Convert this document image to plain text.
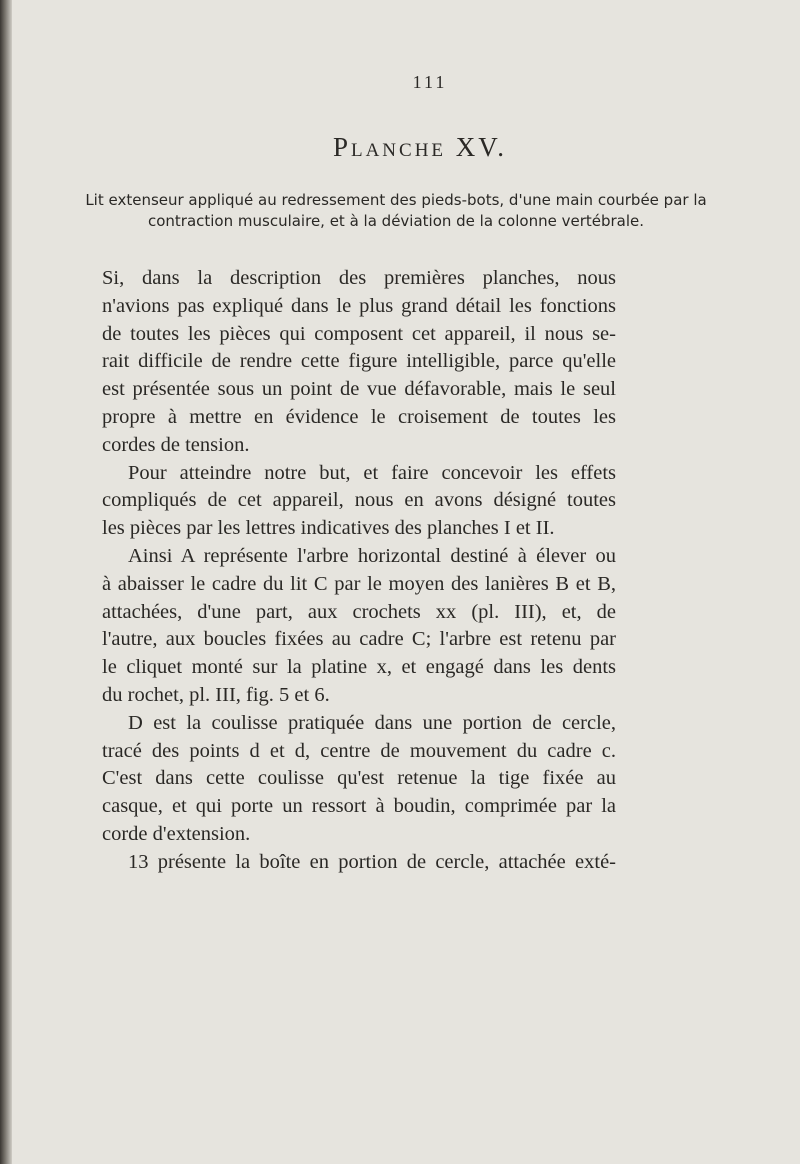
111
Planche XV.
Lit extenseur appliqué au redressement des pieds-bots, d'une main courbée par la contraction musculaire, et à la déviation de la colonne vertébrale.

Si, dans la description des premières planches, nous
n'avions pas expliqué dans le plus grand détail les fonctions
de toutes les pièces qui composent cet appareil, il nous se-
rait difficile de rendre cette figure intelligible, parce qu'elle
est présentée sous un point de vue défavorable, mais le seul
propre à mettre en évidence le croisement de toutes les
cordes de tension.

Pour atteindre notre but, et faire concevoir les effets
compliqués de cet appareil, nous en avons désigné toutes
les pièces par les lettres indicatives des planches I et II.

Ainsi A représente l'arbre horizontal destiné à élever ou
à abaisser le cadre du lit C par le moyen des lanières B et B,
attachées, d'une part, aux crochets xx (pl. III), et, de
l'autre, aux boucles fixées au cadre C; l'arbre est retenu par
le cliquet monté sur la platine x, et engagé dans les dents
du rochet, pl. III, fig. 5 et 6.

D est la coulisse pratiquée dans une portion de cercle,
tracé des points d et d, centre de mouvement du cadre c.
C'est dans cette coulisse qu'est retenue la tige fixée au
casque, et qui porte un ressort à boudin, comprimée par la
corde d'extension.

13 présente la boîte en portion de cercle, attachée exté-
